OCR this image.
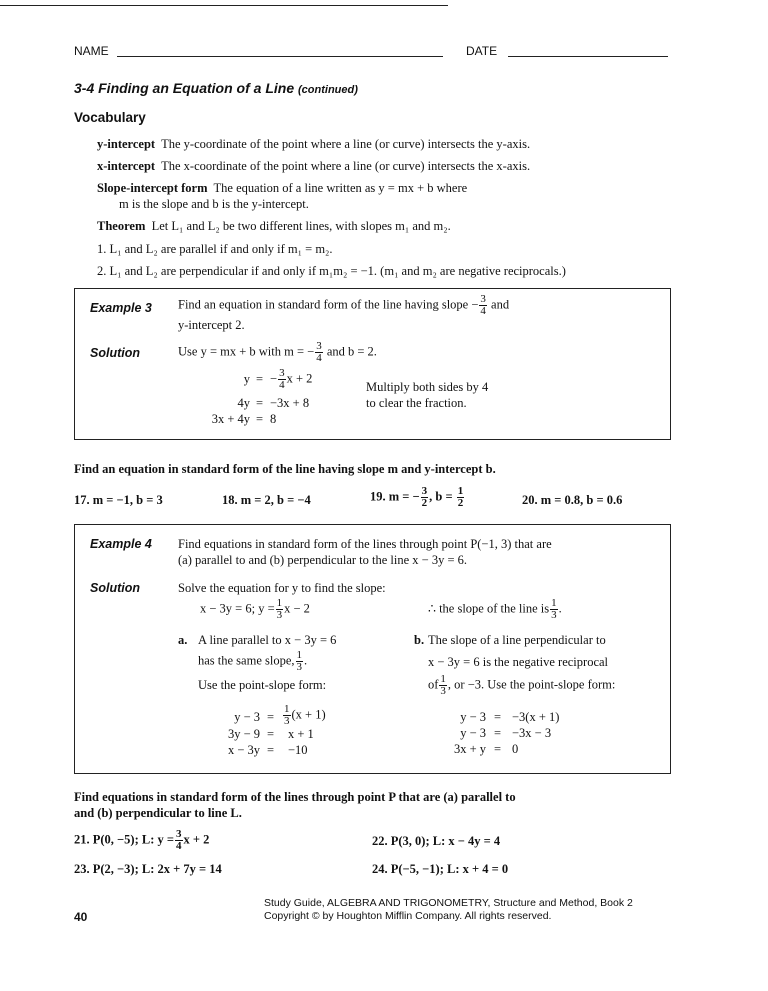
NAME	DATE
3-4 Finding an Equation of a Line (continued)
Vocabulary
y-intercept The y-coordinate of the point where a line (or curve) intersects the y-axis.
x-intercept The x-coordinate of the point where a line (or curve) intersects the x-axis.
Slope-intercept form The equation of a line written as y = mx + b where
m is the slope and b is the y-intercept.
Theorem Let L₁ and L₂ be two different lines, with slopes m₁ and m₂.
1. L₁ and L₂ are parallel if and only if m₁ = m₂.
2. L₁ and L₂ are perpendicular if and only if m₁m₂ = −1. (m₁ and m₂ are negative reciprocals.)
Example 3 Find an equation in standard form of the line having slope − $\frac{3}{4}$ and
y-intercept 2.
Solution	Use y = mx + b with m = − $\frac{3}{4}$ and b = 2.
y = − $\frac{3}{4}$ x + 2
4y = −3x + 8
3x + 4y = 8
Multiply both sides by 4
to clear the fraction.
Find an equation in standard form of the line having slope m and y-intercept b.
17. m = −1, b = 3	18. m = 2, b = −4	19. m = − $\frac{3}{2}$ , $b = \frac{1}{2}$	20. m = 0.8, b = 0.6
Example 4 Find equations in standard form of the lines through point P(−1, 3) that are
(a) parallel to and (b) perpendicular to the line x − 3y = 6.
Solution	Solve the equation for y to find the slope:
x − 3y = 6; $y = \frac{1}{3}$ x − 2	∴ the slope of the line is $\frac{1}{3}$ .
a. A line parallel to x − 3y = 6
has the same slope, $\frac{1}{3}$ .
Use the point-slope form:
$y - 3 = \frac{1}{3} (x + 1)$
3y − 9 = x + 1
x − 3y = −10
b. The slope of a line perpendicular to
x − 3y = 6 is the negative reciprocal
of $\frac{1}{3}$ , or −3. Use the point-slope form:
y − 3 = −3(x + 1)
y − 3 = −3x − 3
3x + y = 0
Find equations in standard form of the lines through point P that are (a) parallel to
and (b) perpendicular to line L.
21. P(0, −5); L: $y = \frac{3}{4}$ x + 2	22. P(3, 0); L: x − 4y = 4
23. P(2, −3); L: 2x + 7y = 14	24. P(−5, −1); L: x + 4 = 0
40
Study Guide, ALGEBRA AND TRIGONOMETRY, Structure and Method, Book 2
Copyright © by Houghton Mifflin Company. All rights reserved.
